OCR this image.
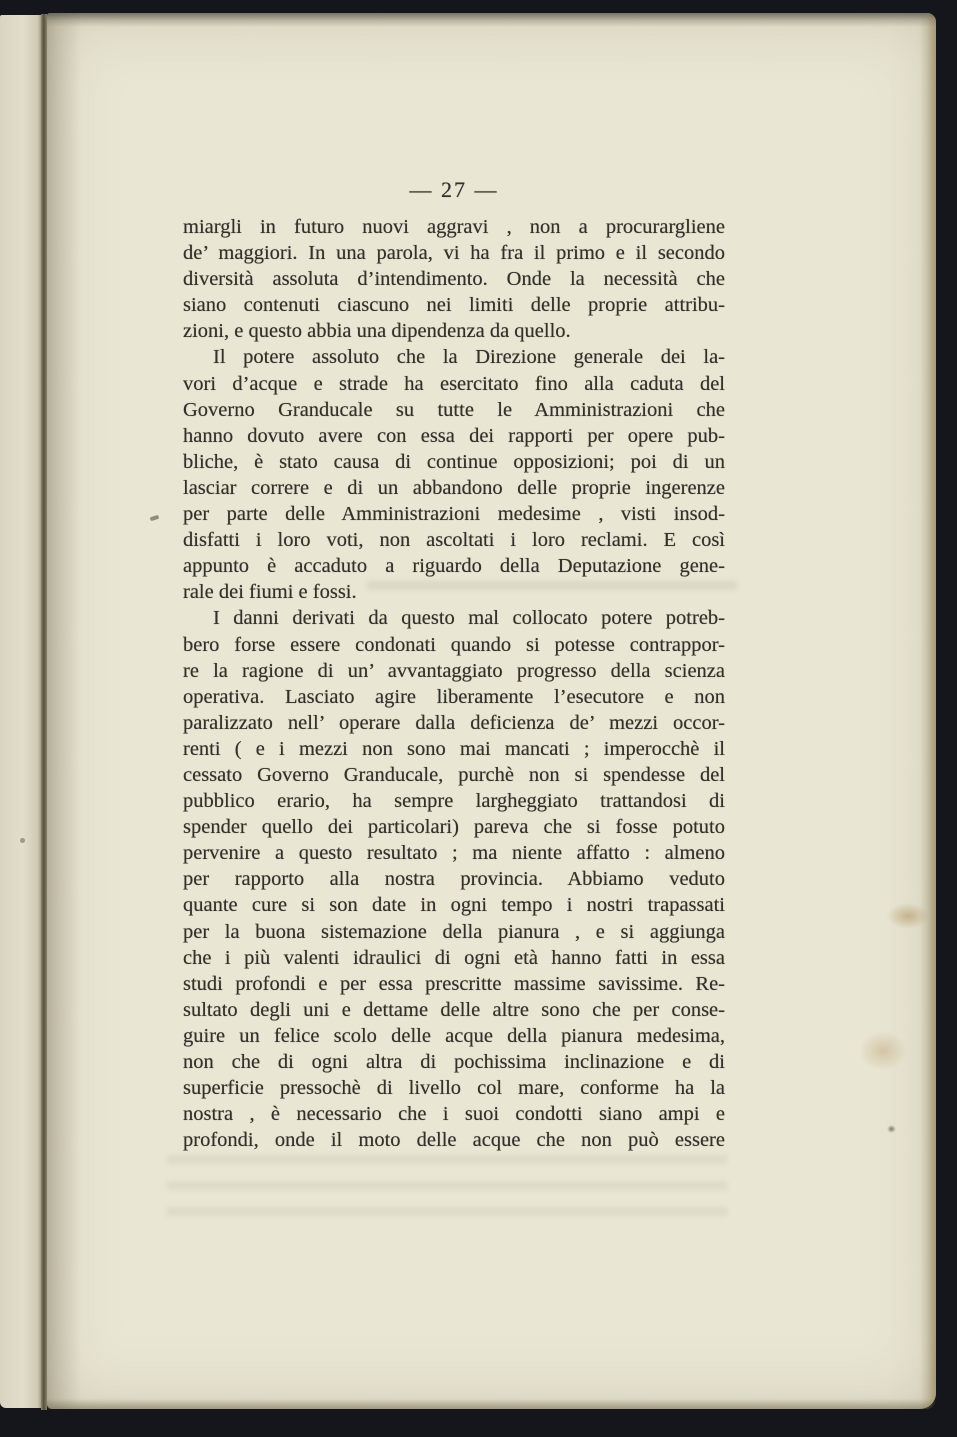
— 27 —
miargli in futuro nuovi aggravi , non a procurargliene
de’ maggiori. In una parola, vi ha fra il primo e il secondo
diversità assoluta d’intendimento. Onde la necessità che
siano contenuti ciascuno nei limiti delle proprie attribu-
zioni, e questo abbia una dipendenza da quello.
Il potere assoluto che la Direzione generale dei la-
vori d’acque e strade ha esercitato fino alla caduta del
Governo Granducale su tutte le Amministrazioni che
hanno dovuto avere con essa dei rapporti per opere pub-
bliche, è stato causa di continue opposizioni; poi di un
lasciar correre e di un abbandono delle proprie ingerenze
per parte delle Amministrazioni medesime , visti insod-
disfatti i loro voti, non ascoltati i loro reclami. E così
appunto è accaduto a riguardo della Deputazione gene-
rale dei fiumi e fossi.
I danni derivati da questo mal collocato potere potreb-
bero forse essere condonati quando si potesse contrappor-
re la ragione di un’ avvantaggiato progresso della scienza
operativa. Lasciato agire liberamente l’esecutore e non
paralizzato nell’ operare dalla deficienza de’ mezzi occor-
renti ( e i mezzi non sono mai mancati ; imperocchè il
cessato Governo Granducale, purchè non si spendesse del
pubblico erario, ha sempre largheggiato trattandosi di
spender quello dei particolari) pareva che si fosse potuto
pervenire a questo resultato ; ma niente affatto : almeno
per rapporto alla nostra provincia. Abbiamo veduto
quante cure si son date in ogni tempo i nostri trapassati
per la buona sistemazione della pianura , e si aggiunga
che i più valenti idraulici di ogni età hanno fatti in essa
studi profondi e per essa prescritte massime savissime. Re-
sultato degli uni e dettame delle altre sono che per conse-
guire un felice scolo delle acque della pianura medesima,
non che di ogni altra di pochissima inclinazione e di
superficie pressochè di livello col mare, conforme ha la
nostra , è necessario che i suoi condotti siano ampi e
profondi, onde il moto delle acque che non può essere
